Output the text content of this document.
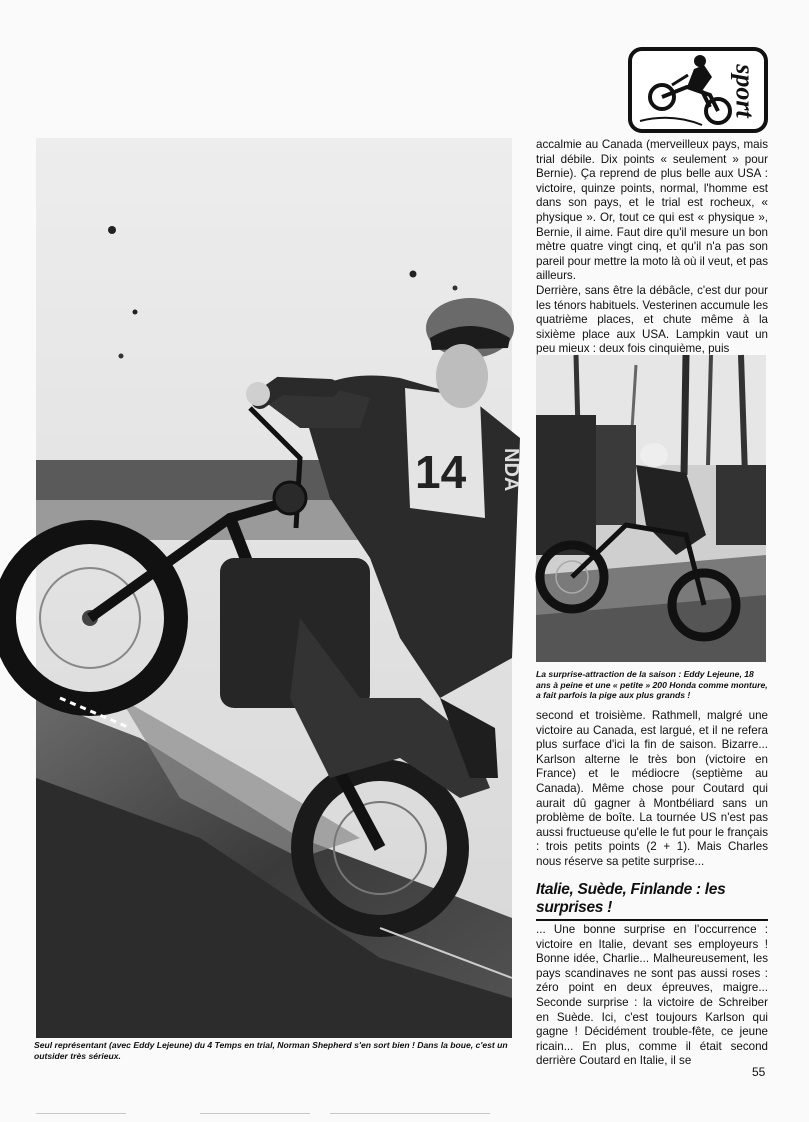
sport
14 NDA

accalmie au Canada (merveilleux pays, mais trial débile. Dix points « seulement » pour Bernie). Ça reprend de plus belle aux USA : victoire, quinze points, normal, l'homme est dans son pays, et le trial est rocheux, « physique ». Or, tout ce qui est « physique », Bernie, il aime. Faut dire qu'il mesure un bon mètre quatre vingt cinq, et qu'il n'a pas son pareil pour mettre la moto là où il veut, et pas ailleurs.

Derrière, sans être la débâcle, c'est dur pour les ténors habituels. Vesterinen accumule les quatrième places, et chute même à la sixième place aux USA. Lampkin vaut un peu mieux : deux fois cinquième, puis

La surprise-attraction de la saison : Eddy Lejeune, 18 ans à peine et une « petite » 200 Honda comme monture, a fait parfois la pige aux plus grands !

second et troisième. Rathmell, malgré une victoire au Canada, est largué, et il ne refera plus surface d'ici la fin de saison. Bizarre... Karlson alterne le très bon (victoire en France) et le médiocre (septième au Canada). Même chose pour Coutard qui aurait dû gagner à Montbéliard sans un problème de boîte. La tournée US n'est pas aussi fructueuse qu'elle le fut pour le français : trois petits points (2 + 1). Mais Charles nous réserve sa petite surprise...

Italie, Suède, Finlande : les surprises !

... Une bonne surprise en l'occurrence : victoire en Italie, devant ses employeurs ! Bonne idée, Charlie... Malheureusement, les pays scandinaves ne sont pas aussi roses : zéro point en deux épreuves, maigre... Seconde surprise : la victoire de Schreiber en Suède. Ici, c'est toujours Karlson qui gagne ! Décidément trouble-fête, ce jeune ricain... En plus, comme il était second derrière Coutard en Italie, il se

Seul représentant (avec Eddy Lejeune) du 4 Temps en trial, Norman Shepherd s'en sort bien ! Dans la boue, c'est un outsider très sérieux.
55
